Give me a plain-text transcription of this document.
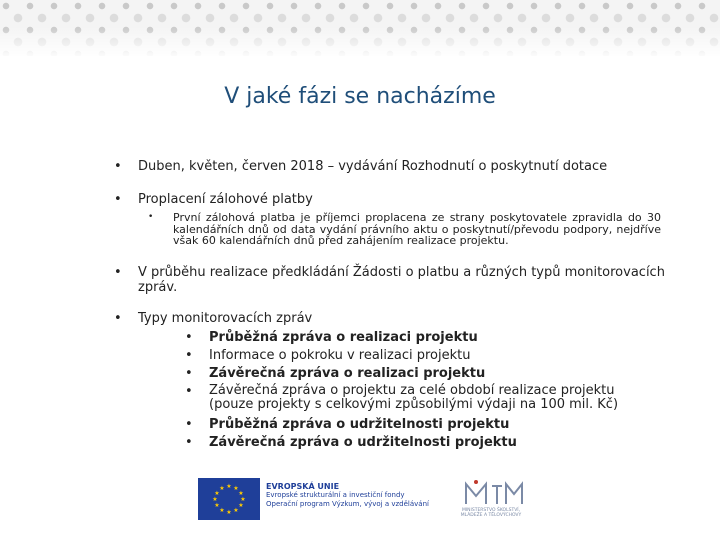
V jaké fázi se nacházíme
• Duben, květen, červen 2018 – vydávání Rozhodnutí o poskytnutí dotace
• Proplacení zálohové platby
• První zálohová platba je příjemci proplacena ze strany poskytovatele zpravidla do 30 kalendářních dnů od data vydání právního aktu o poskytnutí/převodu podpory, nejdříve však 60 kalendářních dnů před zahájením realizace projektu.
• V průběhu realizace předkládání Žádosti o platbu a různých typů monitorovacích zpráv.
• Typy monitorovacích zpráv
• Průběžná zpráva o realizaci projektu
• Informace o pokroku v realizaci projektu
• Závěrečná zpráva o realizaci projektu
• Závěrečná zpráva o projektu za celé období realizace projektu (pouze projekty s celkovými způsobilými výdaji na 100 mil. Kč)
• Průběžná zpráva o udržitelnosti projektu
• Závěrečná zpráva o udržitelnosti projektu
★ ★
★
★
★
★
★
★
★
★
★
★	EVROPSKÁ UNIE
Evropské strukturální a investiční fondy
Operační program Výzkum, vývoj a vzdělávání
MINISTERSTVO ŠKOLSTVÍ,
MLÁDEŽE A TĚLOVÝCHOVY
